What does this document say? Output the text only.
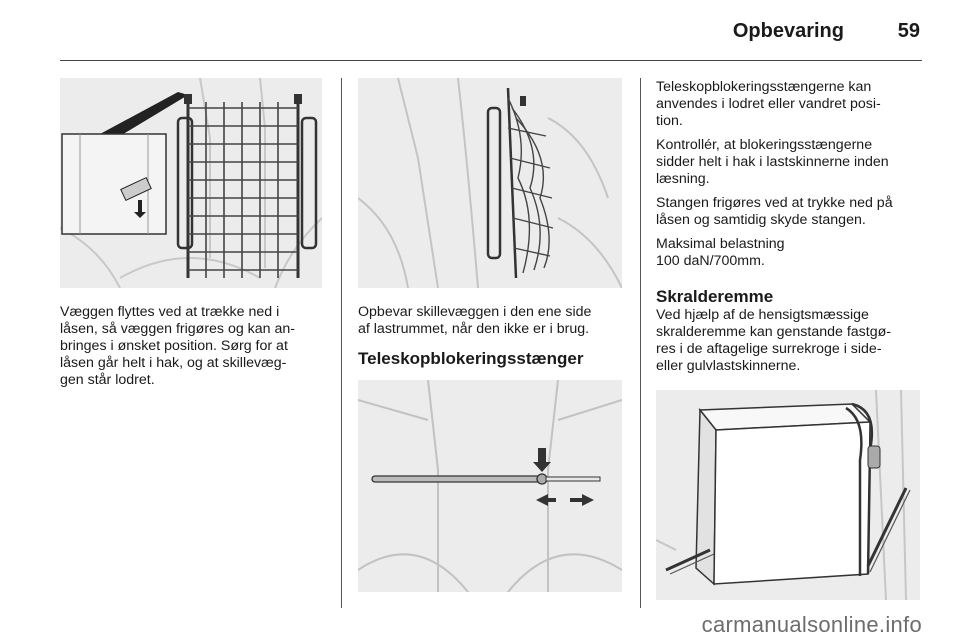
Opbevaring	59
Væggen flyttes ved at trække ned i
låsen, så væggen frigøres og kan an-
bringes i ønsket position. Sørg for at
låsen går helt i hak, og at skillevæg-
gen står lodret.
Opbevar skillevæggen i den ene side
af lastrummet, når den ikke er i brug.
Teleskopblokeringsstænger
Teleskopblokeringsstængerne kan
anvendes i lodret eller vandret posi-
tion.
Kontrollér, at blokeringsstængerne
sidder helt i hak i lastskinnerne inden
læsning.
Stangen frigøres ved at trykke ned på
låsen og samtidig skyde stangen.
Maksimal belastning
100 daN/700mm.
Skralderemme
Ved hjælp af de hensigtsmæssige
skralderemme kan genstande fastgø-
res i de aftagelige surrekroge i side-
eller gulvlastskinnerne.
carmanualsonline.info
